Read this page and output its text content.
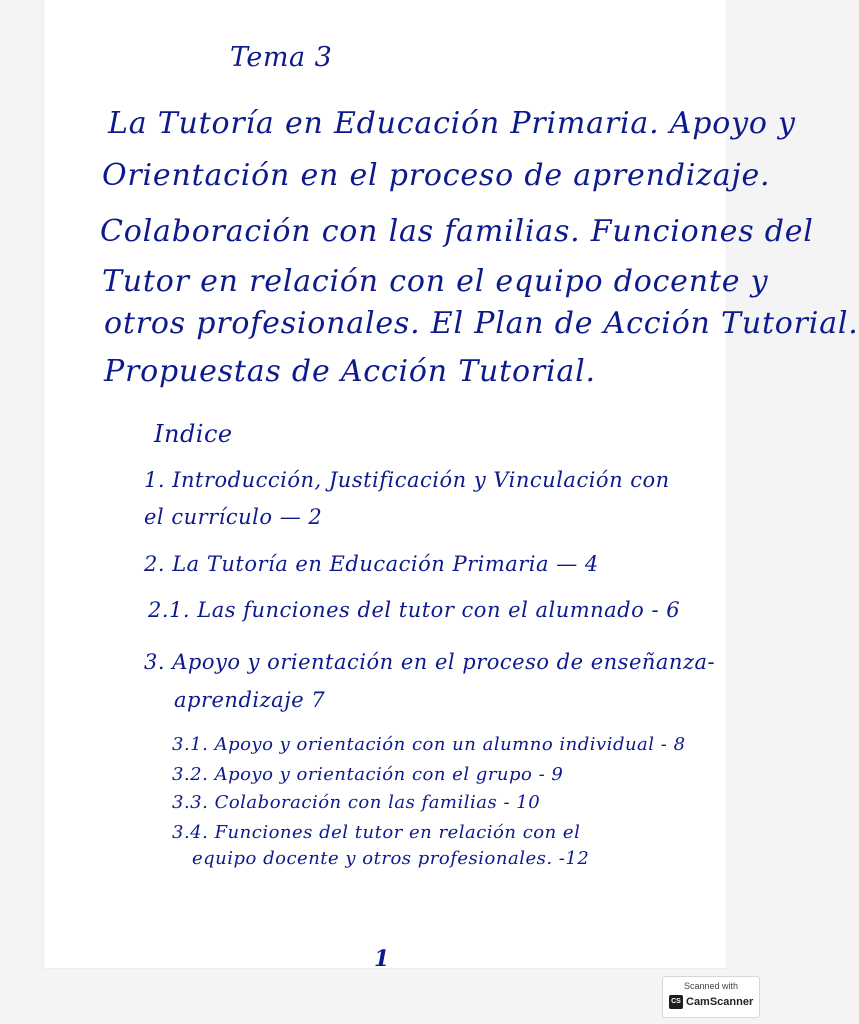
Tema 3
La Tutoría en Educación Primaria. Apoyo y
Orientación en el proceso de aprendizaje.
Colaboración con las familias. Funciones del
Tutor en relación con el equipo docente y
otros profesionales. El Plan de Acción Tutorial.
Propuestas de Acción Tutorial.
Indice
1. Introducción, Justificación y Vinculación con
el currículo — 2
2. La Tutoría en Educación Primaria — 4
2.1. Las funciones del tutor con el alumnado - 6
3. Apoyo y orientación en el proceso de enseñanza-
aprendizaje 7
3.1. Apoyo y orientación con un alumno individual - 8
3.2. Apoyo y orientación con el grupo - 9
3.3. Colaboración con las familias - 10
3.4. Funciones del tutor en relación con el
equipo docente y otros profesionales. -12
1
Scanned with
CS CamScanner
